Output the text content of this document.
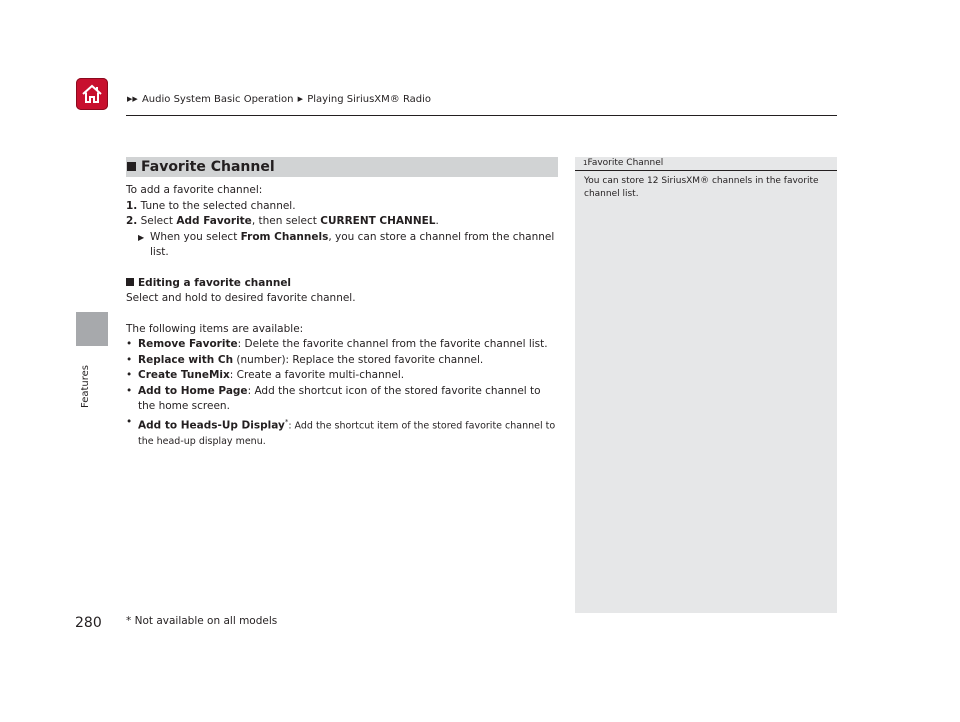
▶▶ Audio System Basic Operation ▶ Playing SiriusXM® Radio
Features
Favorite Channel

To add a favorite channel:

1. Tune to the selected channel.

2. Select Add Favorite, then select CURRENT CHANNEL.

▶ When you select From Channels, you can store a channel from the channel list.

Editing a favorite channel

Select and hold to desired favorite channel.

The following items are available:

• Remove Favorite: Delete the favorite channel from the favorite channel list.
• Replace with Ch (number): Replace the stored favorite channel.
• Create TuneMix: Create a favorite multi-channel.
• Add to Home Page: Add the shortcut icon of the stored favorite channel to the home screen.
• Add to Heads-Up Display*: Add the shortcut item of the stored favorite channel to the head-up display menu.
1Favorite Channel
You can store 12 SiriusXM® channels in the favorite channel list.
280 * Not available on all models
